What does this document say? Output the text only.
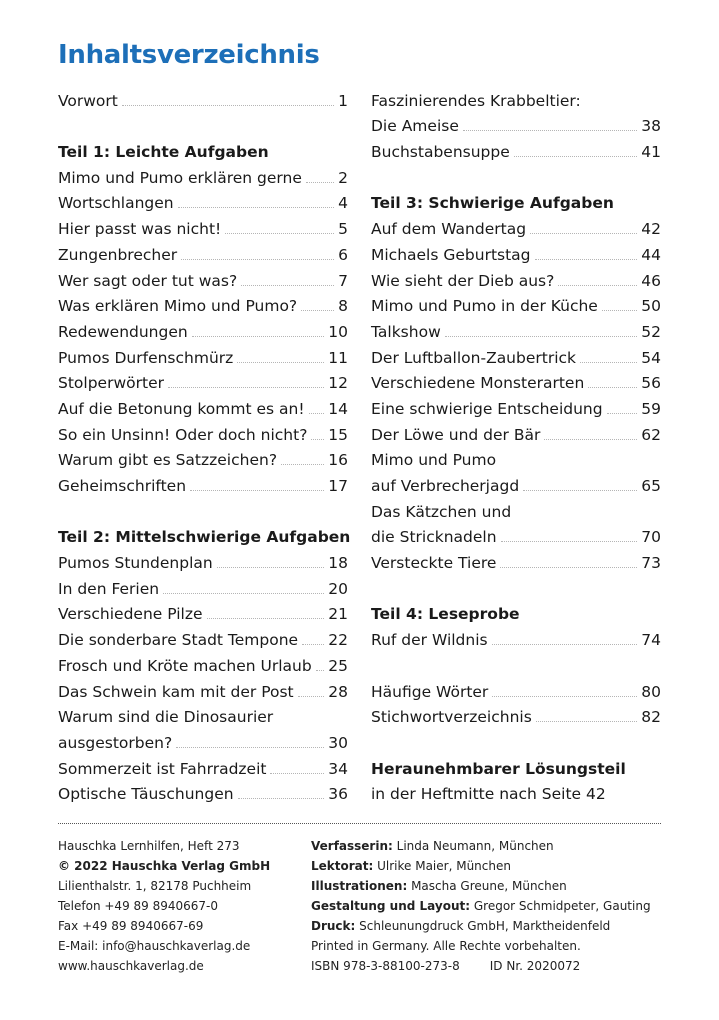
Inhaltsverzeichnis
Vorwort	1
Teil 1: Leichte Aufgaben
Mimo und Pumo erklären gerne 2
Wortschlangen	4
Hier passt was nicht!	5
Zungenbrecher	6
Wer sagt oder tut was?	7
Was erklären Mimo und Pumo?	8
Redewendungen	10
Pumos Durfenschmürz	11
Stolperwörter	12
Auf die Betonung kommt es an! 14
So ein Unsinn! Oder doch nicht? 15
Warum gibt es Satzzeichen?	16
Geheimschriften	17
Teil 2: Mittelschwierige Aufgaben
Pumos Stundenplan	18
In den Ferien	20
Verschiedene Pilze	21
Die sonderbare Stadt Tempone 22
Frosch und Kröte machen Urlaub 25
Das Schwein kam mit der Post 28
Warum sind die Dinosaurier
ausgestorben?	30
Sommerzeit ist Fahrradzeit	34
Optische Täuschungen	36
Faszinierendes Krabbeltier:
Die Ameise	38
Buchstabensuppe	41
Teil 3: Schwierige Aufgaben
Auf dem Wandertag	42
Michaels Geburtstag	44
Wie sieht der Dieb aus?	46
Mimo und Pumo in der Küche	50
Talkshow	52
Der Luftballon-Zaubertrick	54
Verschiedene Monsterarten	56
Eine schwierige Entscheidung 59
Der Löwe und der Bär	62
Mimo und Pumo
auf Verbrecherjagd	65
Das Kätzchen und
die Stricknadeln	70
Versteckte Tiere	73
Teil 4: Leseprobe
Ruf der Wildnis	74
Häufige Wörter	80
Stichwortverzeichnis	82
Heraunehmbarer Lösungsteil
in der Heftmitte nach Seite 42
Hauschka Lernhilfen, Heft 273
© 2022 Hauschka Verlag GmbH
Lilienthalstr. 1, 82178 Puchheim
Telefon +49 89 8940667-0
Fax +49 89 8940667-69
E-Mail: info@hauschkaverlag.de
www.hauschkaverlag.de
Verfasserin: Linda Neumann, München
Lektorat: Ulrike Maier, München
Illustrationen: Mascha Greune, München
Gestaltung und Layout: Gregor Schmidpeter, Gauting
Druck: Schleunungdruck GmbH, Marktheidenfeld
Printed in Germany. Alle Rechte vorbehalten.
ISBN 978-3-88100-273-8	ID Nr. 2020072
